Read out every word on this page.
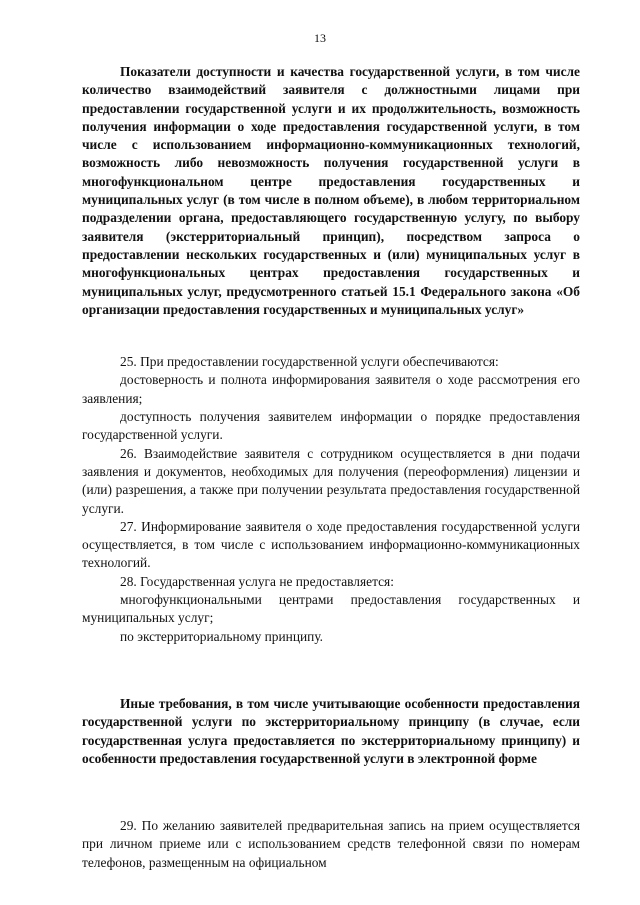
13

Показатели доступности и качества государственной услуги, в том числе количество взаимодействий заявителя с должностными лицами при предоставлении государственной услуги и их продолжительность, возможность получения информации о ходе предоставления государственной услуги, в том числе с использованием информационно-коммуникационных технологий, возможность либо невозможность получения государственной услуги в многофункциональном центре предоставления государственных и муниципальных услуг (в том числе в полном объеме), в любом территориальном подразделении органа, предоставляющего государственную услугу, по выбору заявителя (экстерриториальный принцип), посредством запроса о предоставлении нескольких государственных и (или) муниципальных услуг в многофункциональных центрах предоставления государственных и муниципальных услуг, предусмотренного статьей 15.1 Федерального закона «Об организации предоставления государственных и муниципальных услуг»

25. При предоставлении государственной услуги обеспечиваются:

достоверность и полнота информирования заявителя о ходе рассмотрения его заявления;

доступность получения заявителем информации о порядке предоставления государственной услуги.

26. Взаимодействие заявителя с сотрудником осуществляется в дни подачи заявления и документов, необходимых для получения (переоформления) лицензии и (или) разрешения, а также при получении результата предоставления государственной услуги.

27. Информирование заявителя о ходе предоставления государственной услуги осуществляется, в том числе с использованием информационно-коммуникационных технологий.

28. Государственная услуга не предоставляется:

многофункциональными центрами предоставления государственных и муниципальных услуг;

по экстерриториальному принципу.

Иные требования, в том числе учитывающие особенности предоставления государственной услуги по экстерриториальному принципу (в случае, если государственная услуга предоставляется по экстерриториальному принципу) и особенности предоставления государственной услуги в электронной форме

29. По желанию заявителей предварительная запись на прием осуществляется при личном приеме или с использованием средств телефонной связи по номерам телефонов, размещенным на официальном
